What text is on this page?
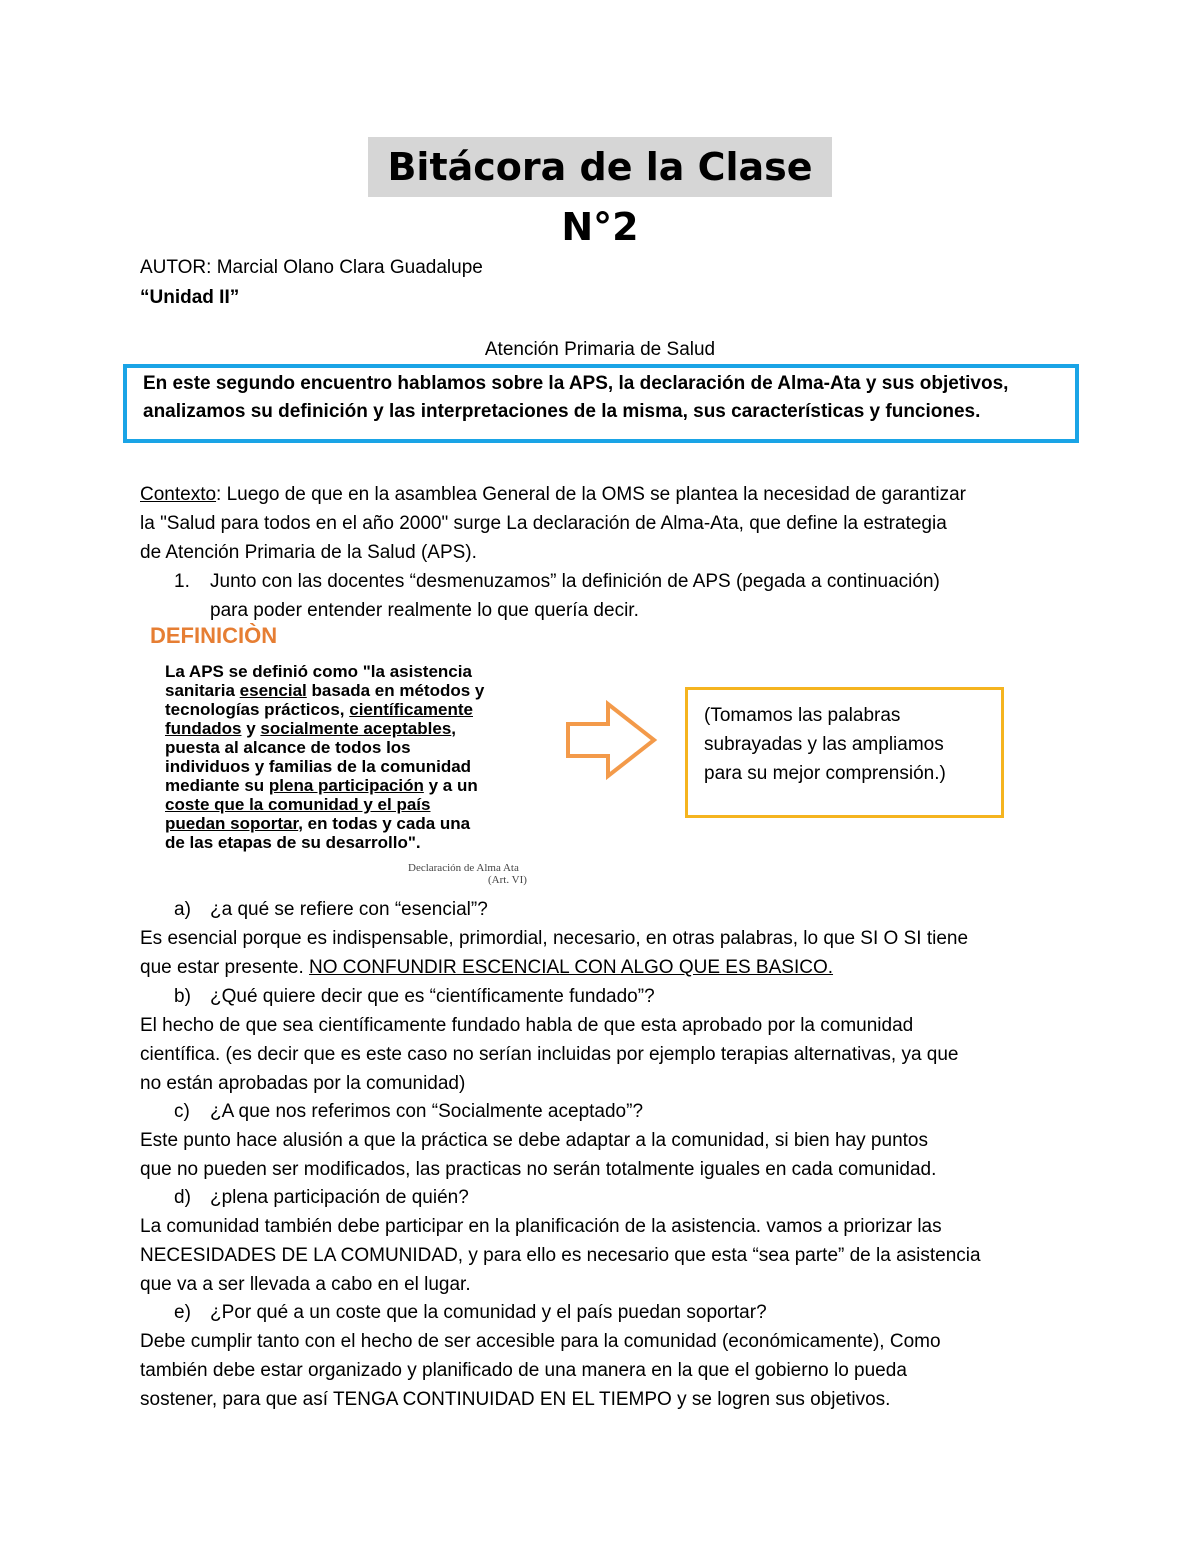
Bitácora de la Clase N°2
AUTOR: Marcial Olano Clara Guadalupe
“Unidad II”
Atención Primaria de Salud
En este segundo encuentro hablamos sobre la APS, la declaración de Alma-Ata y sus objetivos,
analizamos su definición y las interpretaciones de la misma, sus características y funciones.
Contexto: Luego de que en la asamblea General de la OMS se plantea la necesidad de garantizar
la "Salud para todos en el año 2000" surge La declaración de Alma-Ata, que define la estrategia
de Atención Primaria de la Salud (APS).
1. Junto con las docentes “desmenuzamos” la definición de APS (pegada a continuación)
para poder entender realmente lo que quería decir.
DEFINICIÒN
La APS se definió como "la asistencia
sanitaria esencial basada en métodos y
tecnologías prácticos, científicamente
fundados y socialmente aceptables,
puesta al alcance de todos los
individuos y familias de la comunidad
mediante su plena participación y a un
coste que la comunidad y el país
puedan soportar, en todas y cada una
de las etapas de su desarrollo".
Declaración de Alma Ata
(Art. VI)
(Tomamos las palabras
subrayadas y las ampliamos
para su mejor comprensión.)
a) ¿a qué se refiere con “esencial”?
Es esencial porque es indispensable, primordial, necesario, en otras palabras, lo que SI O SI tiene
que estar presente. NO CONFUNDIR ESCENCIAL CON ALGO QUE ES BASICO.
b) ¿Qué quiere decir que es “científicamente fundado”?
El hecho de que sea científicamente fundado habla de que esta aprobado por la comunidad
científica. (es decir que es este caso no serían incluidas por ejemplo terapias alternativas, ya que
no están aprobadas por la comunidad)
c) ¿A que nos referimos con “Socialmente aceptado”?
Este punto hace alusión a que la práctica se debe adaptar a la comunidad, si bien hay puntos
que no pueden ser modificados, las practicas no serán totalmente iguales en cada comunidad.
d) ¿plena participación de quién?
La comunidad también debe participar en la planificación de la asistencia. vamos a priorizar las
NECESIDADES DE LA COMUNIDAD, y para ello es necesario que esta “sea parte” de la asistencia
que va a ser llevada a cabo en el lugar.
e) ¿Por qué a un coste que la comunidad y el país puedan soportar?
Debe cumplir tanto con el hecho de ser accesible para la comunidad (económicamente), Como
también debe estar organizado y planificado de una manera en la que el gobierno lo pueda
sostener, para que así TENGA CONTINUIDAD EN EL TIEMPO y se logren sus objetivos.
